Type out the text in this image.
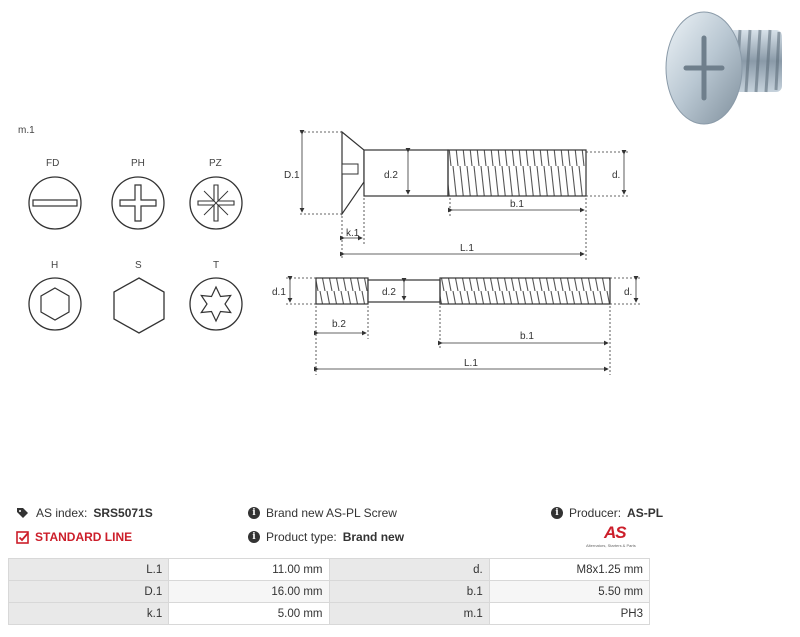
m.1
FD	PH	PZ
H	S	T
D.1	d.2	d.
b.1
k.1
L.1
d.1	d.2	d.
b.2
b.1
L.1
AS index: SRS5071S
STANDARD LINE
i Brand new AS-PL Screw
i Product type: Brand new
i Producer: AS-PL
AS
Alternators, Starters & Parts
L.1	11.00 mm	d.	M8x1.25 mm
D.1	16.00 mm	b.1	5.50 mm
k.1	5.00 mm	m.1	PH3
